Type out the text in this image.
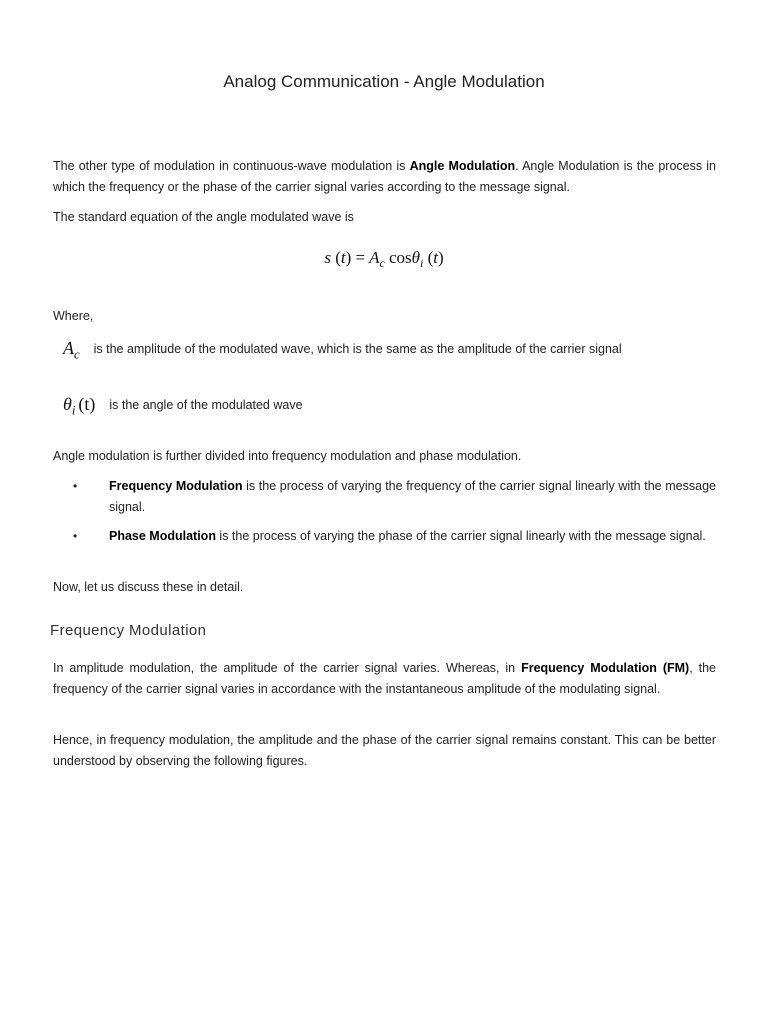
Analog Communication - Angle Modulation

The other type of modulation in continuous-wave modulation is Angle Modulation. Angle Modulation is the process in which the frequency or the phase of the carrier signal varies according to the message signal.

The standard equation of the angle modulated wave is

s $(t) = A_c$ cosθ$_i$ (t)

Where,

$A_c$ is the amplitude of the modulated wave, which is the same as the amplitude of the carrier signal
$\theta_i$ (t) is the angle of the modulated wave

Angle modulation is further divided into frequency modulation and phase modulation.

•	Frequency Modulation is the process of varying the frequency of the carrier signal linearly with the message signal.
•	Phase Modulation is the process of varying the phase of the carrier signal linearly with the message signal.

Now, let us discuss these in detail.

Frequency Modulation

In amplitude modulation, the amplitude of the carrier signal varies. Whereas, in Frequency Modulation (FM), the frequency of the carrier signal varies in accordance with the instantaneous amplitude of the modulating signal.

Hence, in frequency modulation, the amplitude and the phase of the carrier signal remains constant. This can be better understood by observing the following figures.
